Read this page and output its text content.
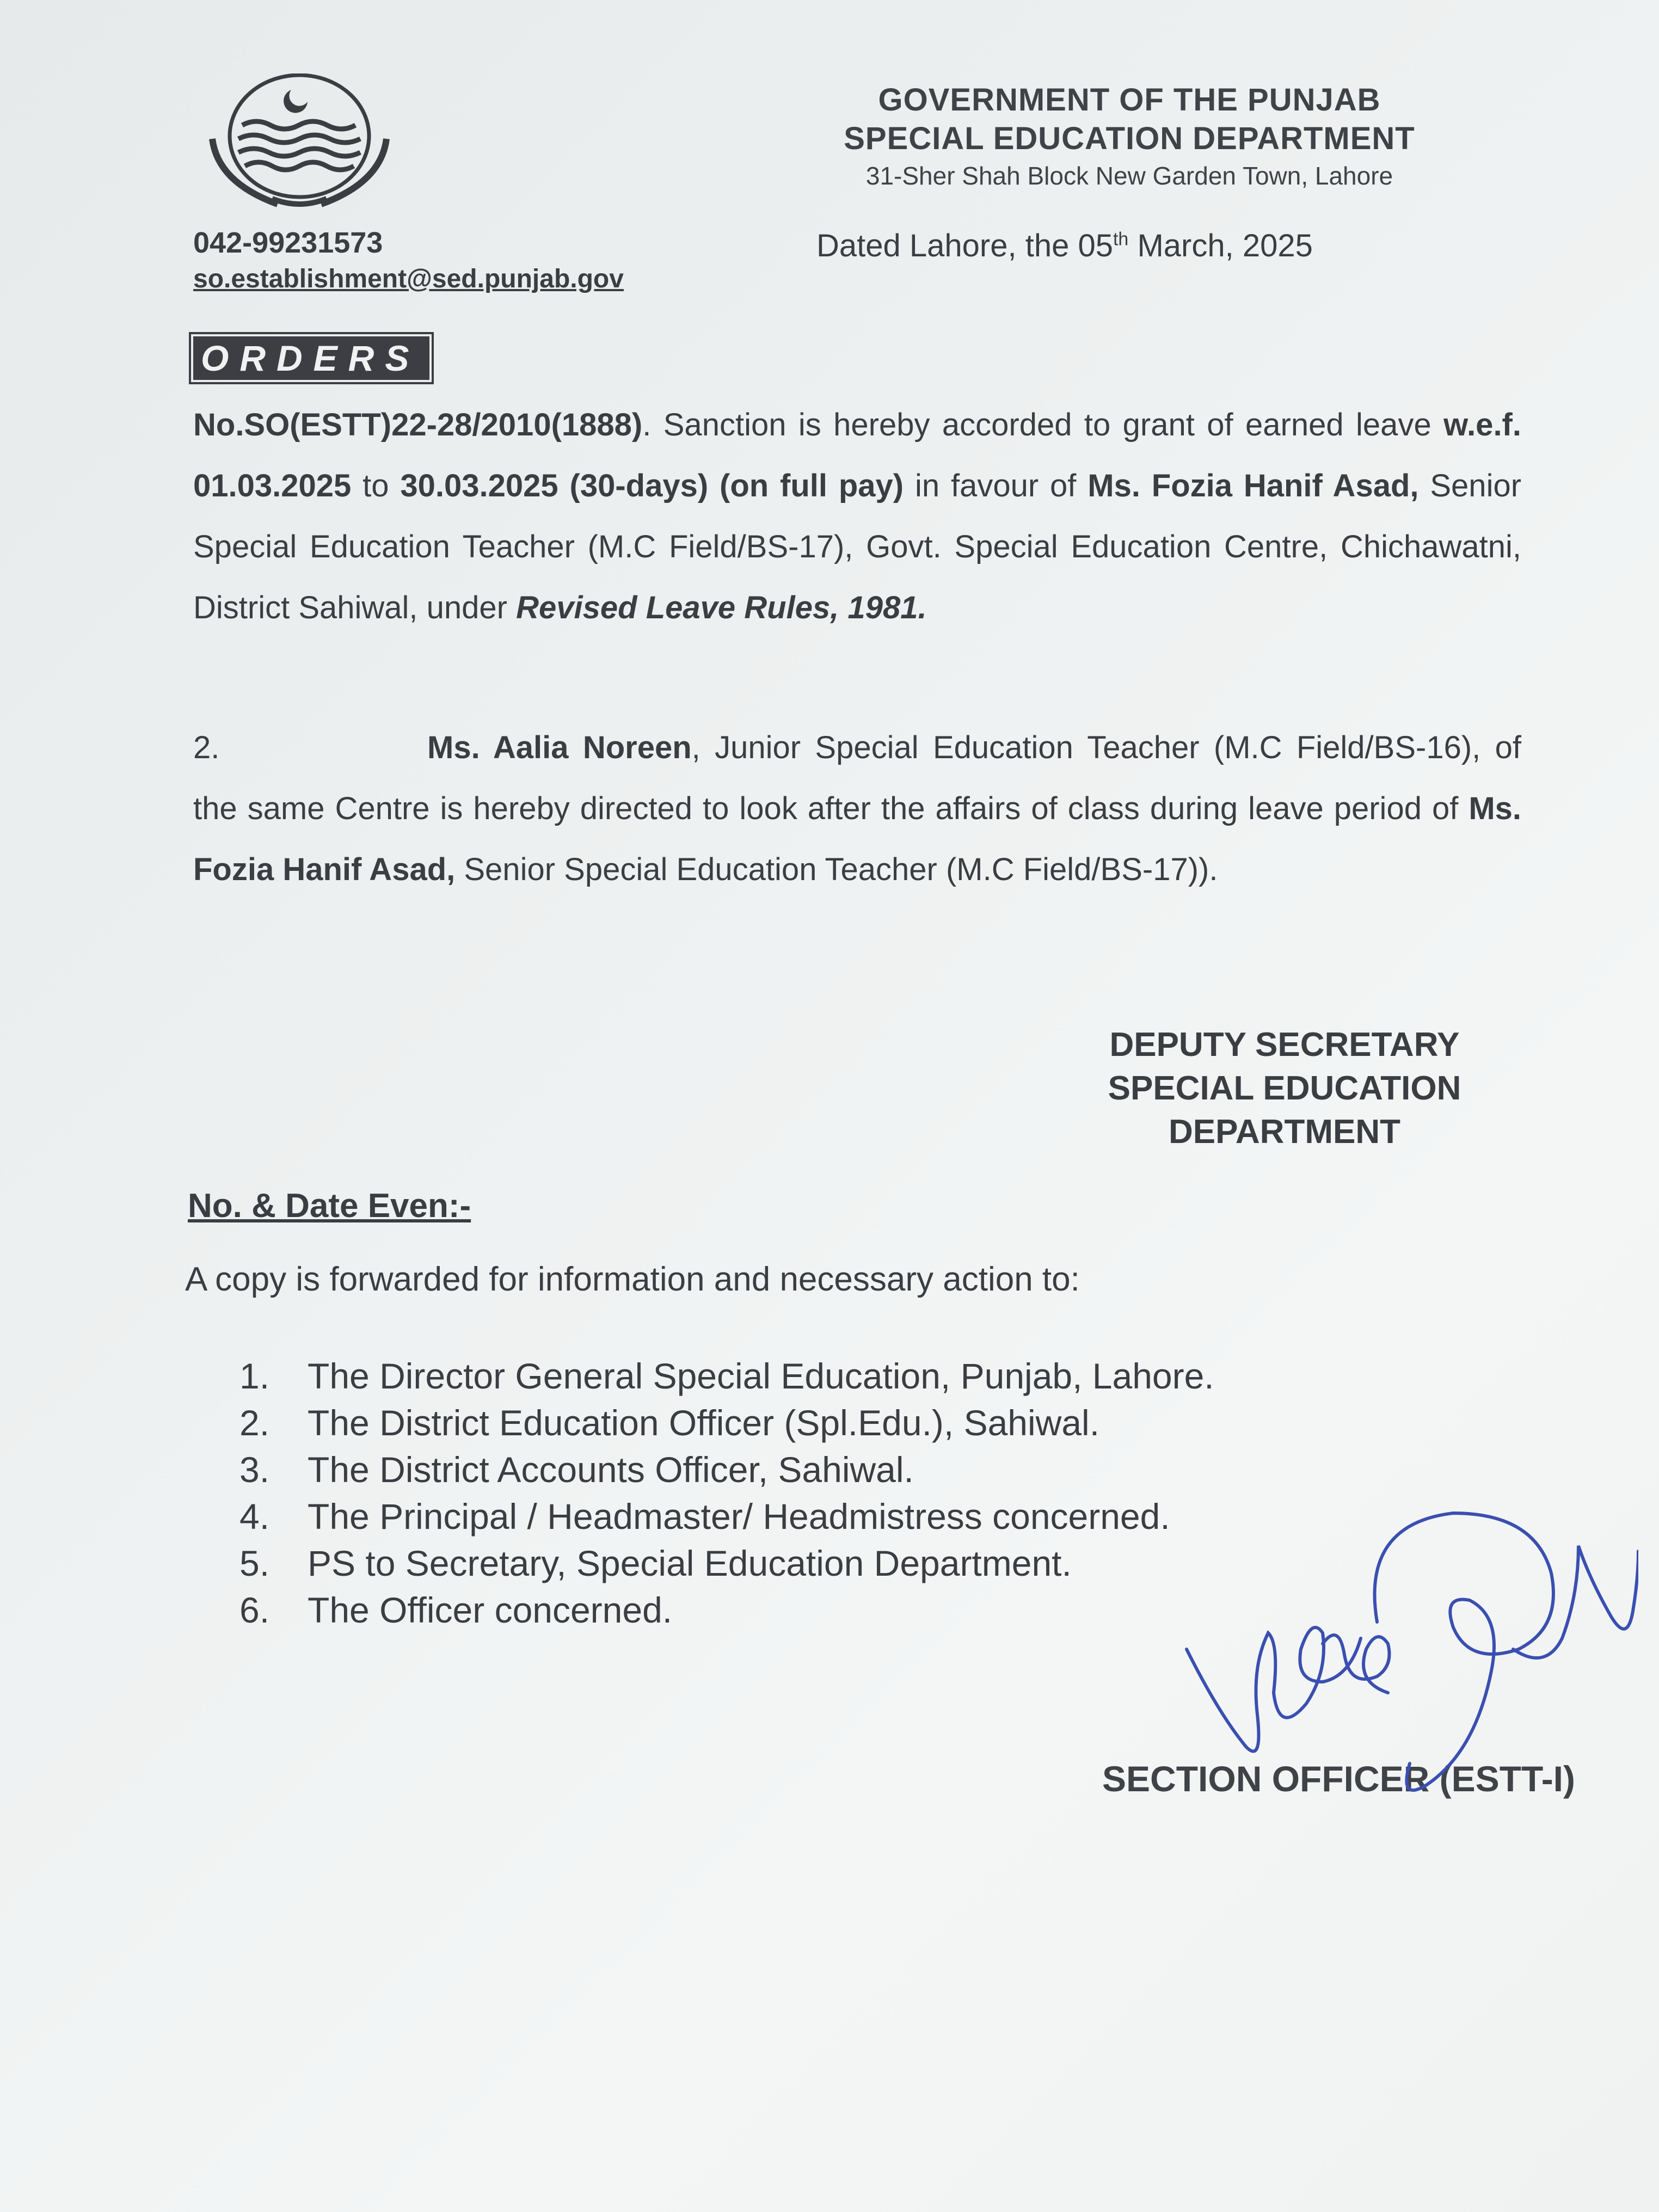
GOVERNMENT OF THE PUNJAB
SPECIAL EDUCATION DEPARTMENT
31-Sher Shah Block New Garden Town, Lahore
042-99231573
so.establishment@sed.punjab.gov
Dated Lahore, the 05th March, 2025
ORDERS
No.SO(ESTT)22-28/2010(1888). Sanction is hereby accorded to grant of earned leave w.e.f. 01.03.2025 to 30.03.2025 (30-days) (on full pay) in favour of Ms. Fozia Hanif Asad, Senior Special Education Teacher (M.C Field/BS-17), Govt. Special Education Centre, Chichawatni, District Sahiwal, under Revised Leave Rules, 1981.
2.	Ms. Aalia Noreen, Junior Special Education Teacher (M.C Field/BS-16), of the same Centre is hereby directed to look after the affairs of class during leave period of Ms. Fozia Hanif Asad, Senior Special Education Teacher (M.C Field/BS-17)).
DEPUTY SECRETARY
SPECIAL EDUCATION
DEPARTMENT
No. & Date Even:-
A copy is forwarded for information and necessary action to:
1. The Director General Special Education, Punjab, Lahore.
2. The District Education Officer (Spl.Edu.), Sahiwal.
3. The District Accounts Officer, Sahiwal.
4. The Principal / Headmaster/ Headmistress concerned.
5. PS to Secretary, Special Education Department.
6. The Officer concerned.
SECTION OFFICER (ESTT-I)
